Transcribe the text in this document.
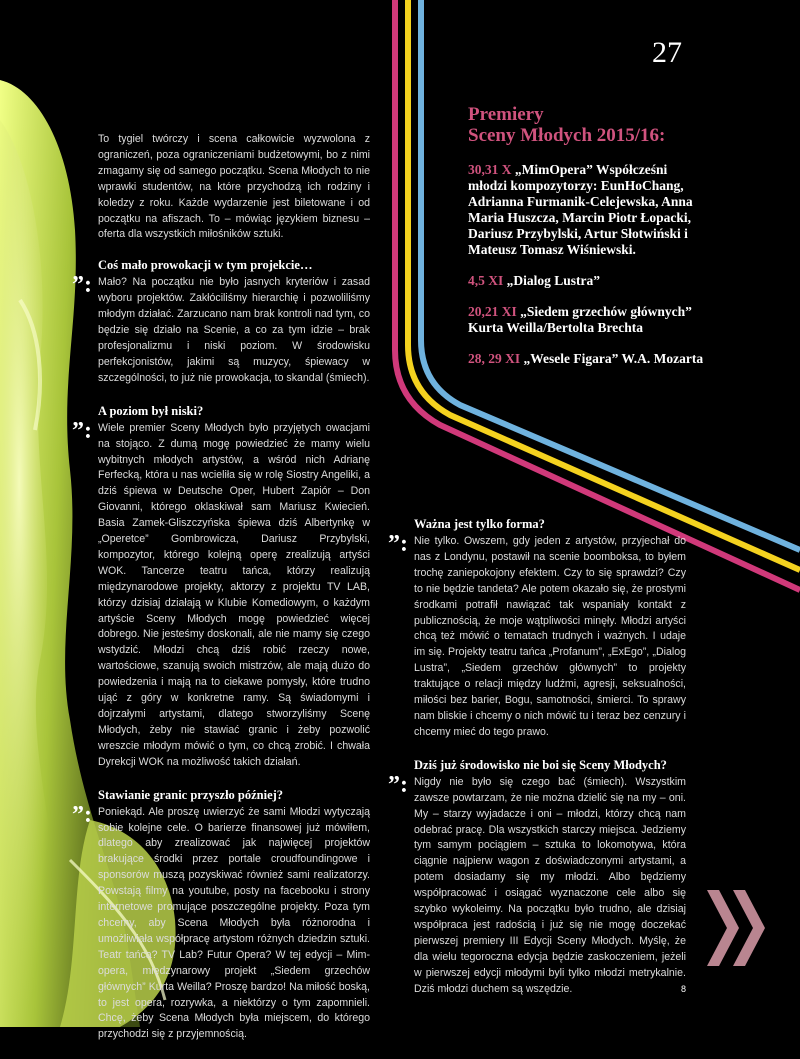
27
Premiery
Sceny Młodych 2015/16:
30,31 X „MimOpera” Współcześni młodzi kompozytorzy: EunHoChang, Adrianna Furmanik-Celejewska, Anna Maria Huszcza, Marcin Piotr Łopacki, Dariusz Przybylski, Artur Słotwiński i Mateusz Tomasz Wiśniewski.
4,5 XI „Dialog Lustra”
20,21 XI „Siedem grzechów głównych” Kurta Weilla/Bertolta Brechta
28, 29 XI „Wesele Figara” W.A. Mozarta

To tygiel twórczy i scena całkowicie wyzwolona z ograniczeń, poza ograniczeniami budżetowymi, bo z nimi zmagamy się od samego początku. Scena Młodych to nie wprawki studentów, na które przychodzą ich rodziny i koledzy z roku. Każde wydarzenie jest biletowane i od początku na afiszach. To – mówiąc językiem biznesu – oferta dla wszystkich miłośników sztuki.

Coś mało prowokacji w tym projekcie…
”: Mało? Na początku nie było jasnych kryteriów i zasad wyboru projektów. Zakłóciliśmy hierarchię i pozwoliliśmy młodym działać. Zarzucano nam brak kontroli nad tym, co będzie się działo na Scenie, a co za tym idzie – brak profesjonalizmu i niski poziom. W środowisku perfekcjonistów, jakimi są muzycy, śpiewacy w szczególności, to już nie prowokacja, to skandal (śmiech).
A poziom był niski?
”: Wiele premier Sceny Młodych było przyjętych owacjami na stojąco. Z dumą mogę powiedzieć że mamy wielu wybitnych młodych artystów, a wśród nich Adrianę Ferfecką, która u nas wcieliła się w rolę Siostry Angeliki, a dziś śpiewa w Deutsche Oper, Hubert Zapiór – Don Giovanni, którego oklaskiwał sam Mariusz Kwiecień. Basia Zamek-Gliszczyńska śpiewa dziś Albertynkę w „Operetce” Gombrowicza, Dariusz Przybylski, kompozytor, którego kolejną operę zrealizują artyści WOK. Tancerze teatru tańca, którzy realizują międzynarodowe projekty, aktorzy z projektu TV LAB, którzy dzisiaj działają w Klubie Komediowym, o każdym artyście Sceny Młodych mogę powiedzieć więcej dobrego. Nie jesteśmy doskonali, ale nie mamy się czego wstydzić. Młodzi chcą dziś robić rzeczy nowe, wartościowe, szanują swoich mistrzów, ale mają dużo do powiedzenia i mają na to ciekawe pomysły, które trudno ująć z góry w konkretne ramy. Są świadomymi i dojrzałymi artystami, dlatego stworzyliśmy Scenę Młodych, żeby nie stawiać granic i żeby pozwolić wreszcie młodym mówić o tym, co chcą zrobić. I chwała Dyrekcji WOK na możliwość takich działań.
Stawianie granic przyszło później?
”: Poniekąd. Ale proszę uwierzyć że sami Młodzi wytyczają sobie kolejne cele. O barierze finansowej już mówiłem, dlatego aby zrealizować jak najwięcej projektów brakujące środki przez portale croudfoundingowe i sponsorów muszą pozyskiwać również sami realizatorzy. Powstają filmy na youtube, posty na facebooku i strony internetowe promujące poszczególne projekty. Poza tym chcemy, aby Scena Młodych była różnorodna i umożliwiała współpracę artystom różnych dziedzin sztuki. Teatr tańca? TV Lab? Futur Opera? W tej edycji – Mim-opera, międzynarowy projekt „Siedem grzechów głównych” Kurta Weilla? Proszę bardzo! Na miłość boską, to jest opera, rozrywka, a niektórzy o tym zapomnieli. Chcę, żeby Scena Młodych była miejscem, do którego przychodzi się z przyjemnością.
Ważna jest tylko forma?
”: Nie tylko. Owszem, gdy jeden z artystów, przyjechał do nas z Londynu, postawił na scenie boomboksa, to byłem trochę zaniepokojony efektem. Czy to się sprawdzi? Czy to nie będzie tandeta? Ale potem okazało się, że prostymi środkami potrafił nawiązać tak wspaniały kontakt z publicznością, że moje wątpliwości minęły. Młodzi artyści chcą też mówić o tematach trudnych i ważnych. I udaje im się. Projekty teatru tańca „Profanum”, „ExEgo”, „Dialog Lustra”, „Siedem grzechów głównych” to projekty traktujące o relacji między ludźmi, agresji, seksualności, miłości bez barier, Bogu, samotności, śmierci. To sprawy nam bliskie i chcemy o nich mówić tu i teraz bez cenzury i chcemy mieć do tego prawo.
Dziś już środowisko nie boi się Sceny Młodych?
”: Nigdy nie było się czego bać (śmiech). Wszystkim zawsze powtarzam, że nie można dzielić się na my – oni. My – starzy wyjadacze i oni – młodzi, którzy chcą nam odebrać pracę. Dla wszystkich starczy miejsca. Jedziemy tym samym pociągiem – sztuka to lokomotywa, która ciągnie najpierw wagon z doświadczonymi artystami, a potem dosiadamy się my młodzi. Albo będziemy współpracować i osiągać wyznaczone cele albo się szybko wykoleimy. Na początku było trudno, ale dzisiaj współpraca jest radością i już się nie mogę doczekać pierwszej premiery III Edycji Sceny Młodych. Myślę, że dla wielu tegoroczna edycja będzie zaskoczeniem, jeżeli w pierwszej edycji młodymi byli tylko młodzi metrykalnie. Dziś młodzi duchem są wszędzie.	8
